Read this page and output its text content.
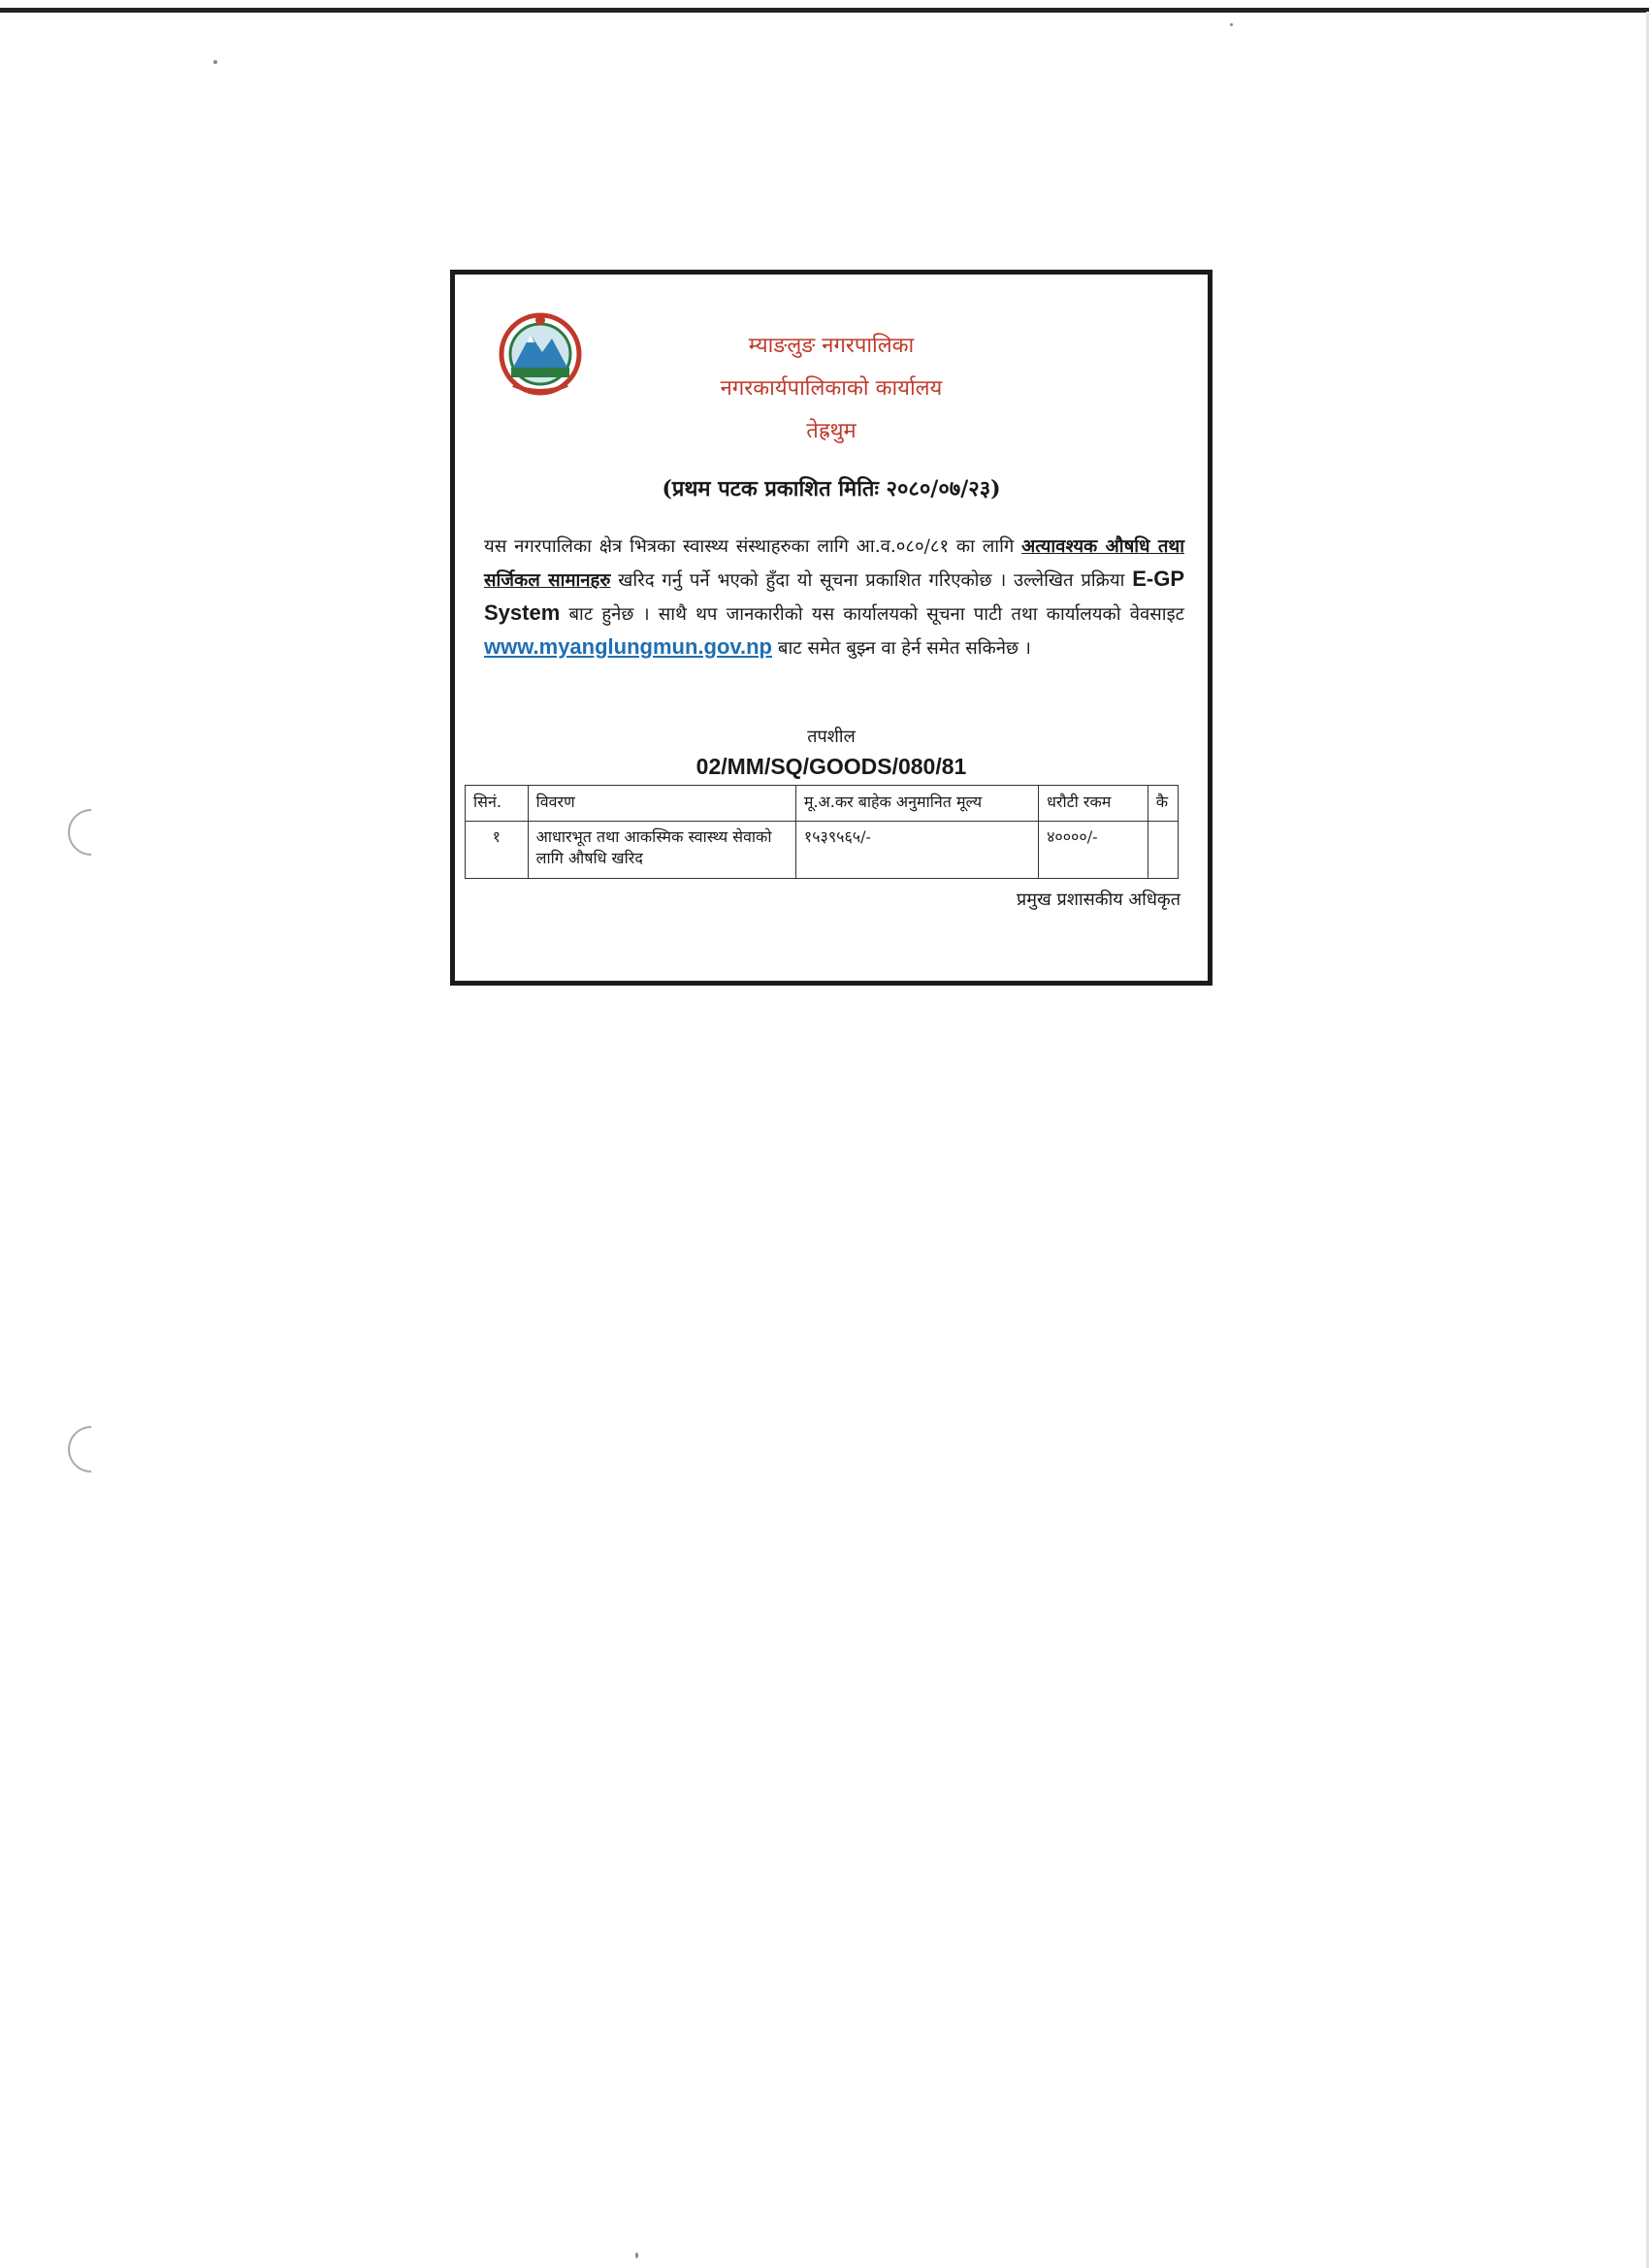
म्याङलुङ नगरपालिका
नगरकार्यपालिकाको कार्यालय
तेह्रथुम
(प्रथम पटक प्रकाशित मितिः २०८०/०७/२३)
यस नगरपालिका क्षेत्र भित्रका स्वास्थ्य संस्थाहरुका लागि आ.व.०८०/८१ का लागि अत्यावश्यक औषधि तथा सर्जिकल सामानहरु खरिद गर्नु पर्ने भएको हुँदा यो सूचना प्रकाशित गरिएकोछ । उल्लेखित प्रक्रिया E-GP System बाट हुनेछ । साथै थप जानकारीको यस कार्यालयको सूचना पाटी तथा कार्यालयको वेवसाइट www.myanglungmun.gov.np बाट समेत बुझ्न वा हेर्न समेत सकिनेछ ।
तपशील
02/MM/SQ/GOODS/080/81
सिनं.	विवरण	मू.अ.कर बाहेक अनुमानित मूल्य	धरौटी रकम	कै
१	आधारभूत तथा आकस्मिक स्वास्थ्य सेवाको लागि औषधि खरिद	१५३९५६५/-	४००००/-	
प्रमुख प्रशासकीय अधिकृत
